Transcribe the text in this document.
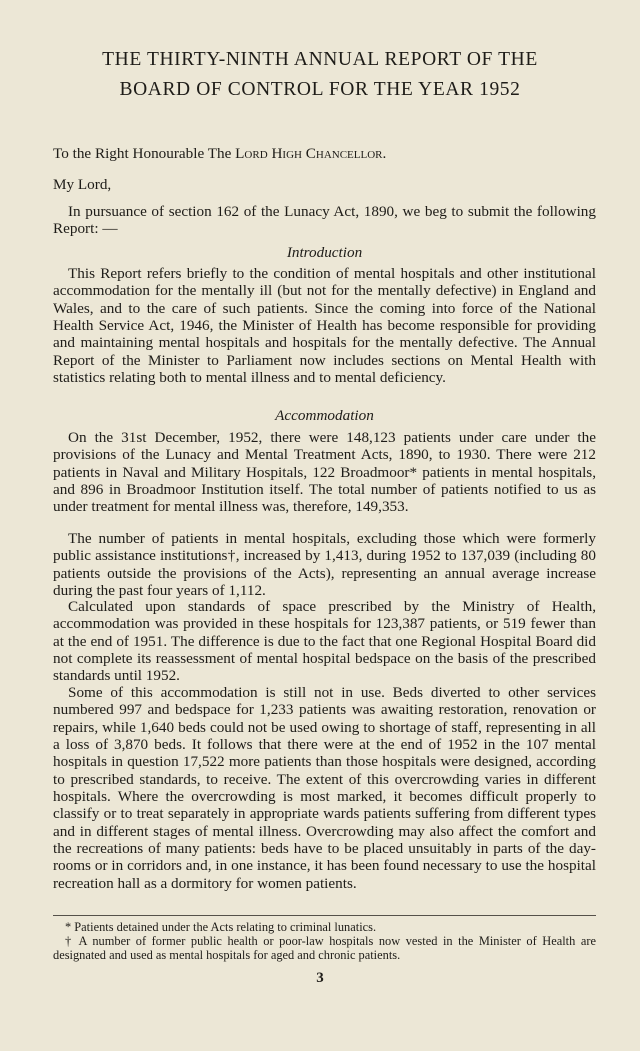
THE THIRTY-NINTH ANNUAL REPORT OF THE
BOARD OF CONTROL FOR THE YEAR 1952
To the Right Honourable The Lord High Chancellor.
My Lord,
In pursuance of section 162 of the Lunacy Act, 1890, we beg to submit the following Report: —
Introduction
This Report refers briefly to the condition of mental hospitals and other institutional accommodation for the mentally ill (but not for the mentally defective) in England and Wales, and to the care of such patients. Since the coming into force of the National Health Service Act, 1946, the Minister of Health has become responsible for providing and maintaining mental hospitals and hospitals for the mentally defective. The Annual Report of the Minister to Parliament now includes sections on Mental Health with statistics relating both to mental illness and to mental deficiency.
Accommodation
On the 31st December, 1952, there were 148,123 patients under care under the provisions of the Lunacy and Mental Treatment Acts, 1890, to 1930. There were 212 patients in Naval and Military Hospitals, 122 Broadmoor* patients in mental hospitals, and 896 in Broadmoor Institution itself. The total number of patients notified to us as under treatment for mental illness was, therefore, 149,353.
The number of patients in mental hospitals, excluding those which were formerly public assistance institutions†, increased by 1,413, during 1952 to 137,039 (including 80 patients outside the provisions of the Acts), representing an annual average increase during the past four years of 1,112.
Calculated upon standards of space prescribed by the Ministry of Health, accommodation was provided in these hospitals for 123,387 patients, or 519 fewer than at the end of 1951. The difference is due to the fact that one Regional Hospital Board did not complete its reassessment of mental hospital bedspace on the basis of the prescribed standards until 1952.
Some of this accommodation is still not in use. Beds diverted to other services numbered 997 and bedspace for 1,233 patients was awaiting restoration, renovation or repairs, while 1,640 beds could not be used owing to shortage of staff, representing in all a loss of 3,870 beds. It follows that there were at the end of 1952 in the 107 mental hospitals in question 17,522 more patients than those hospitals were designed, according to prescribed standards, to receive. The extent of this overcrowding varies in different hospitals. Where the overcrowding is most marked, it becomes difficult properly to classify or to treat separately in appropriate wards patients suffering from different types and in different stages of mental illness. Overcrowding may also affect the comfort and the recreations of many patients: beds have to be placed unsuitably in parts of the day-rooms or in corridors and, in one instance, it has been found necessary to use the hospital recreation hall as a dormitory for women patients.
* Patients detained under the Acts relating to criminal lunatics.
† A number of former public health or poor-law hospitals now vested in the Minister of Health are designated and used as mental hospitals for aged and chronic patients.
3
